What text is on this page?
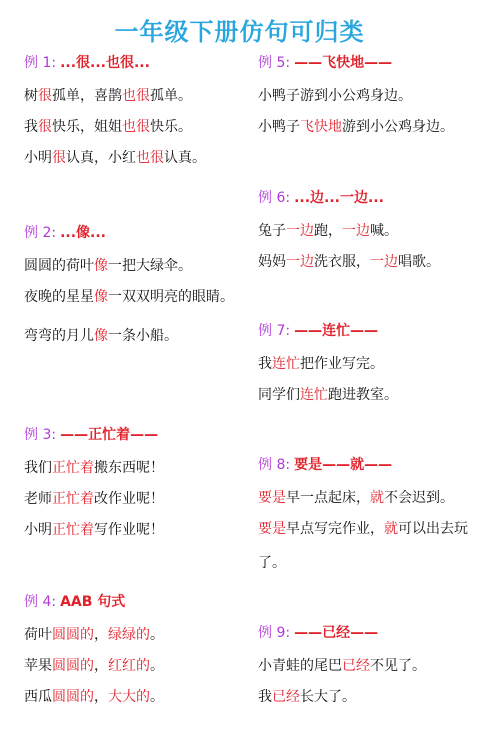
一年级下册仿句可归类
例 1: ...很...也很...
树很孤单，喜鹊也很孤单。
我很快乐，姐姐也很快乐。
小明很认真，小红也很认真。
例 2: ...像...
圆圆的荷叶像一把大绿伞。
夜晚的星星像一双双明亮的眼睛。
弯弯的月儿像一条小船。
例 3: ——正忙着——
我们正忙着搬东西呢！
老师正忙着改作业呢！
小明正忙着写作业呢！
例 4: AAB 句式
荷叶圆圆的，绿绿的。
苹果圆圆的，红红的。
西瓜圆圆的，大大的。
例 5: ——飞快地——
小鸭子游到小公鸡身边。
小鸭子飞快地游到小公鸡身边。
例 6: ...边...一边...
兔子一边跑，一边喊。
妈妈一边洗衣服，一边唱歌。
例 7: ——连忙——
我连忙把作业写完。
同学们连忙跑进教室。
例 8: 要是——就——
要是早一点起床，就不会迟到。
要是早点写完作业，就可以出去玩了。
例 9: ——已经——
小青蛙的尾巴已经不见了。
我已经长大了。
